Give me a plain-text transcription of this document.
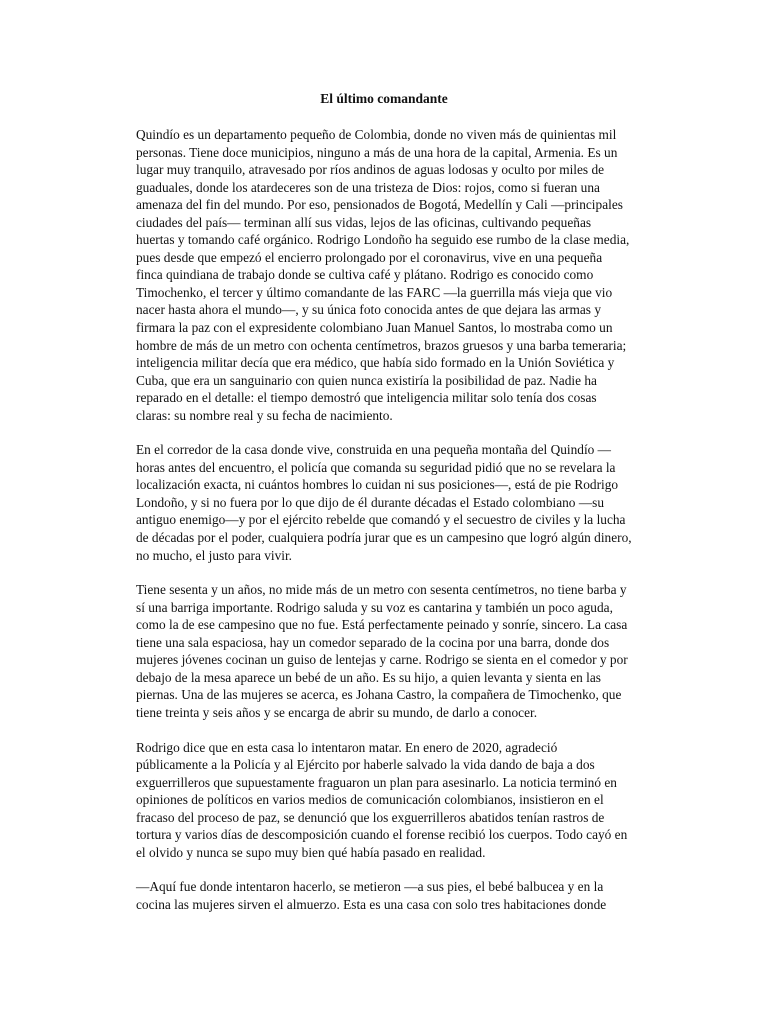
El último comandante

Quindío es un departamento pequeño de Colombia, donde no viven más de quinientas mil personas. Tiene doce municipios, ninguno a más de una hora de la capital, Armenia. Es un lugar muy tranquilo, atravesado por ríos andinos de aguas lodosas y oculto por miles de guaduales, donde los atardeceres son de una tristeza de Dios: rojos, como si fueran una amenaza del fin del mundo. Por eso, pensionados de Bogotá, Medellín y Cali —principales ciudades del país— terminan allí sus vidas, lejos de las oficinas, cultivando pequeñas huertas y tomando café orgánico. Rodrigo Londoño ha seguido ese rumbo de la clase media, pues desde que empezó el encierro prolongado por el coronavirus, vive en una pequeña finca quindiana de trabajo donde se cultiva café y plátano. Rodrigo es conocido como Timochenko, el tercer y último comandante de las FARC —la guerrilla más vieja que vio nacer hasta ahora el mundo—, y su única foto conocida antes de que dejara las armas y firmara la paz con el expresidente colombiano Juan Manuel Santos, lo mostraba como un hombre de más de un metro con ochenta centímetros, brazos gruesos y una barba temeraria; inteligencia militar decía que era médico, que había sido formado en la Unión Soviética y Cuba, que era un sanguinario con quien nunca existiría la posibilidad de paz. Nadie ha reparado en el detalle: el tiempo demostró que inteligencia militar solo tenía dos cosas claras: su nombre real y su fecha de nacimiento.

En el corredor de la casa donde vive, construida en una pequeña montaña del Quindío —horas antes del encuentro, el policía que comanda su seguridad pidió que no se revelara la localización exacta, ni cuántos hombres lo cuidan ni sus posiciones—, está de pie Rodrigo Londoño, y si no fuera por lo que dijo de él durante décadas el Estado colombiano —su antiguo enemigo—y por el ejército rebelde que comandó y el secuestro de civiles y la lucha de décadas por el poder, cualquiera podría jurar que es un campesino que logró algún dinero, no mucho, el justo para vivir.

Tiene sesenta y un años, no mide más de un metro con sesenta centímetros, no tiene barba y sí una barriga importante. Rodrigo saluda y su voz es cantarina y también un poco aguda, como la de ese campesino que no fue. Está perfectamente peinado y sonríe, sincero. La casa tiene una sala espaciosa, hay un comedor separado de la cocina por una barra, donde dos mujeres jóvenes cocinan un guiso de lentejas y carne. Rodrigo se sienta en el comedor y por debajo de la mesa aparece un bebé de un año. Es su hijo, a quien levanta y sienta en las piernas. Una de las mujeres se acerca, es Johana Castro, la compañera de Timochenko, que tiene treinta y seis años y se encarga de abrir su mundo, de darlo a conocer.

Rodrigo dice que en esta casa lo intentaron matar. En enero de 2020, agradeció públicamente a la Policía y al Ejército por haberle salvado la vida dando de baja a dos exguerrilleros que supuestamente fraguaron un plan para asesinarlo. La noticia terminó en opiniones de políticos en varios medios de comunicación colombianos, insistieron en el fracaso del proceso de paz, se denunció que los exguerrilleros abatidos tenían rastros de tortura y varios días de descomposición cuando el forense recibió los cuerpos. Todo cayó en el olvido y nunca se supo muy bien qué había pasado en realidad.

—Aquí fue donde intentaron hacerlo, se metieron —a sus pies, el bebé balbucea y en la cocina las mujeres sirven el almuerzo. Esta es una casa con solo tres habitaciones donde
